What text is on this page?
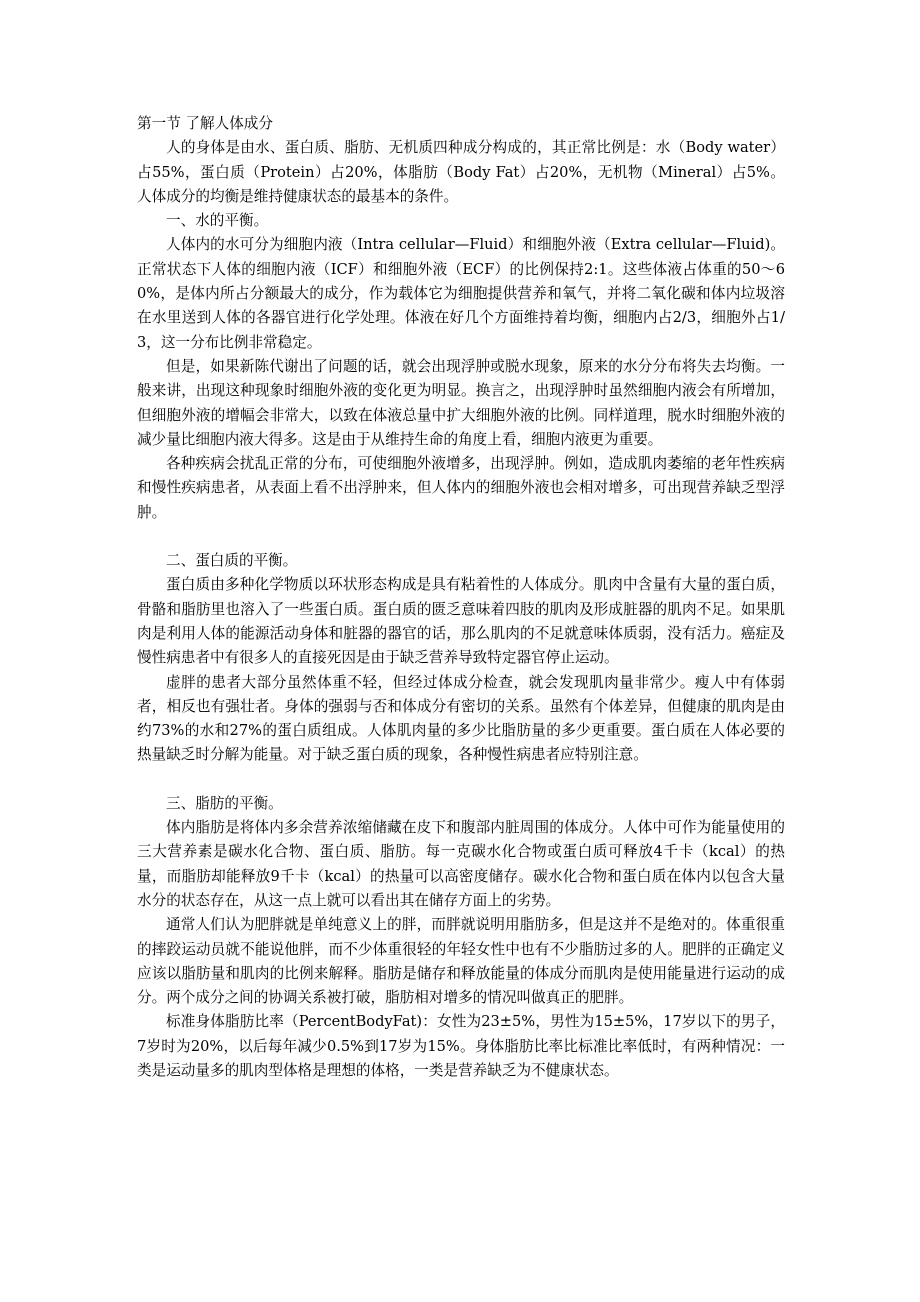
第一节 了解人体成分

人的身体是由水、蛋白质、脂肪、无机质四种成分构成的，其正常比例是：水（Body water）占55%，蛋白质（Protein）占20%，体脂肪（Body Fat）占20%，无机物（Mineral）占5%。人体成分的均衡是维持健康状态的最基本的条件。

一、水的平衡。

人体内的水可分为细胞内液（Intra cellular—Fluid）和细胞外液（Extra cellular—Fluid)。正常状态下人体的细胞内液（ICF）和细胞外液（ECF）的比例保持2:1。这些体液占体重的50～60%，是体内所占分额最大的成分，作为载体它为细胞提供营养和氧气，并将二氧化碳和体内垃圾溶在水里送到人体的各器官进行化学处理。体液在好几个方面维持着均衡，细胞内占2/3，细胞外占1/3，这一分布比例非常稳定。

但是，如果新陈代谢出了问题的话，就会出现浮肿或脱水现象，原来的水分分布将失去均衡。一般来讲，出现这种现象时细胞外液的变化更为明显。换言之，出现浮肿时虽然细胞内液会有所增加，但细胞外液的增幅会非常大，以致在体液总量中扩大细胞外液的比例。同样道理，脱水时细胞外液的减少量比细胞内液大得多。这是由于从维持生命的角度上看，细胞内液更为重要。

各种疾病会扰乱正常的分布，可使细胞外液增多，出现浮肿。例如，造成肌肉萎缩的老年性疾病和慢性疾病患者，从表面上看不出浮肿来，但人体内的细胞外液也会相对增多，可出现营养缺乏型浮肿。

二、蛋白质的平衡。

蛋白质由多种化学物质以环状形态构成是具有粘着性的人体成分。肌肉中含量有大量的蛋白质，骨骼和脂肪里也溶入了一些蛋白质。蛋白质的匮乏意味着四肢的肌肉及形成脏器的肌肉不足。如果肌肉是利用人体的能源活动身体和脏器的器官的话，那么肌肉的不足就意味体质弱，没有活力。癌症及慢性病患者中有很多人的直接死因是由于缺乏营养导致特定器官停止运动。

虚胖的患者大部分虽然体重不轻，但经过体成分检查，就会发现肌肉量非常少。瘦人中有体弱者，相反也有强壮者。身体的强弱与否和体成分有密切的关系。虽然有个体差异，但健康的肌肉是由约73%的水和27%的蛋白质组成。人体肌肉量的多少比脂肪量的多少更重要。蛋白质在人体必要的热量缺乏时分解为能量。对于缺乏蛋白质的现象，各种慢性病患者应特别注意。

三、脂肪的平衡。

体内脂肪是将体内多余营养浓缩储藏在皮下和腹部内脏周围的体成分。人体中可作为能量使用的三大营养素是碳水化合物、蛋白质、脂肪。每一克碳水化合物或蛋白质可释放4千卡（kcal）的热量，而脂肪却能释放9千卡（kcal）的热量可以高密度储存。碳水化合物和蛋白质在体内以包含大量水分的状态存在，从这一点上就可以看出其在储存方面上的劣势。

通常人们认为肥胖就是单纯意义上的胖，而胖就说明用脂肪多，但是这并不是绝对的。体重很重的摔跤运动员就不能说他胖，而不少体重很轻的年轻女性中也有不少脂肪过多的人。肥胖的正确定义应该以脂肪量和肌肉的比例来解释。脂肪是储存和释放能量的体成分而肌肉是使用能量进行运动的成分。两个成分之间的协调关系被打破，脂肪相对增多的情况叫做真正的肥胖。

标准身体脂肪比率（PercentBodyFat)：女性为23±5%，男性为15±5%，17岁以下的男子，7岁时为20%，以后每年减少0.5%到17岁为15%。身体脂肪比率比标准比率低时，有两种情况：一类是运动量多的肌肉型体格是理想的体格，一类是营养缺乏为不健康状态。
